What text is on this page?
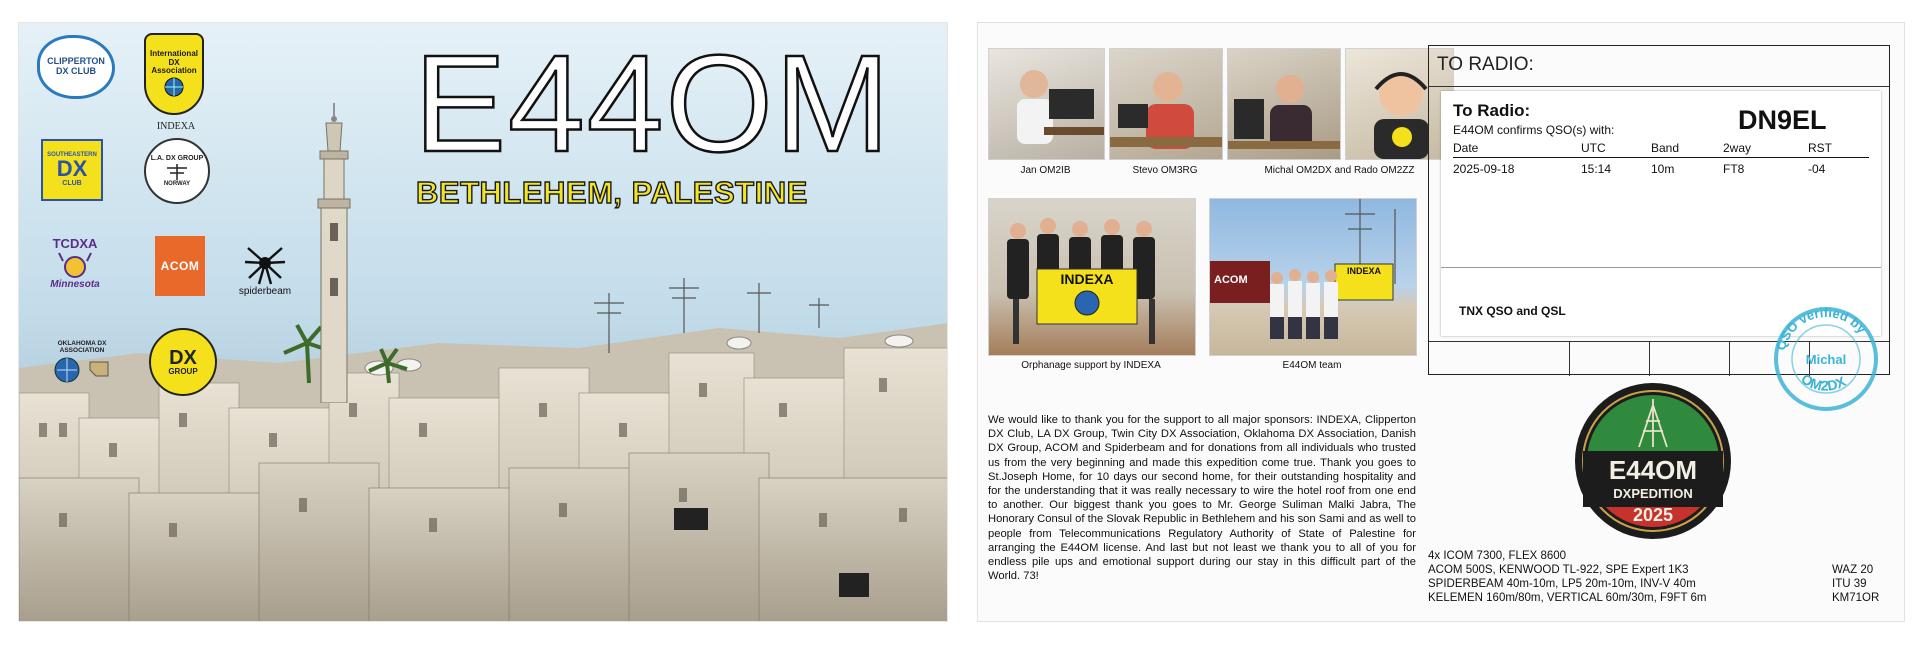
E44OM
BETHLEHEM, PALESTINE
CLIPPERTON DX CLUB
International DX Association
INDEXA
SOUTHEASTERN
DX
CLUB
L.A. DX GROUP
NORWAY
TCDXA
Minnesota
ACOM
spiderbeam
OKLAHOMA DX ASSOCIATION	DX
GROUP
Jan OM2IB	Stevo OM3RG	Michal OM2DX and Rado OM2ZZ
INDEXA
Orphanage support by INDEXA
ACOM
INDEXA
E44OM team
We would like to thank you for the support to all major sponsors: INDEXA, Clipperton DX Club, LA DX Group, Twin City DX Association, Oklahoma DX Association, Danish DX Group, ACOM and Spiderbeam and for donations from all individuals who trusted us from the very beginning and made this expedition come true. Thank you goes to St.Joseph Home, for 10 days our second home, for their outstanding hospitality and for the understanding that it was really necessary to wire the hotel roof from one end to another. Our biggest thank you goes to Mr. George Suliman Malki Jabra, The Honorary Consul of the Slovak Republic in Bethlehem and his son Sami and as well to people from Telecommunications Regulatory Authority of State of Palestine for arranging the E44OM license. And last but not least we thank you to all of you for endless pile ups and emotional support during our stay in this difficult part of the World. 73!
TO RADIO:
To Radio:
E44OM confirms QSO(s) with:	DN9EL
Date	UTC	Band	2way	RST
2025-09-18	15:14	10m	FT8	-04
TNX QSO and QSL
QSO verified by
Michal
OM2DX
E44OM
DXPEDITION
2025
4x ICOM 7300, FLEX 8600
ACOM 500S, KENWOOD TL-922, SPE Expert 1K3
SPIDERBEAM 40m-10m, LP5 20m-10m, INV-V 40m
KELEMEN 160m/80m, VERTICAL 60m/30m, F9FT 6m
WAZ 20
ITU 39
KM71OR
